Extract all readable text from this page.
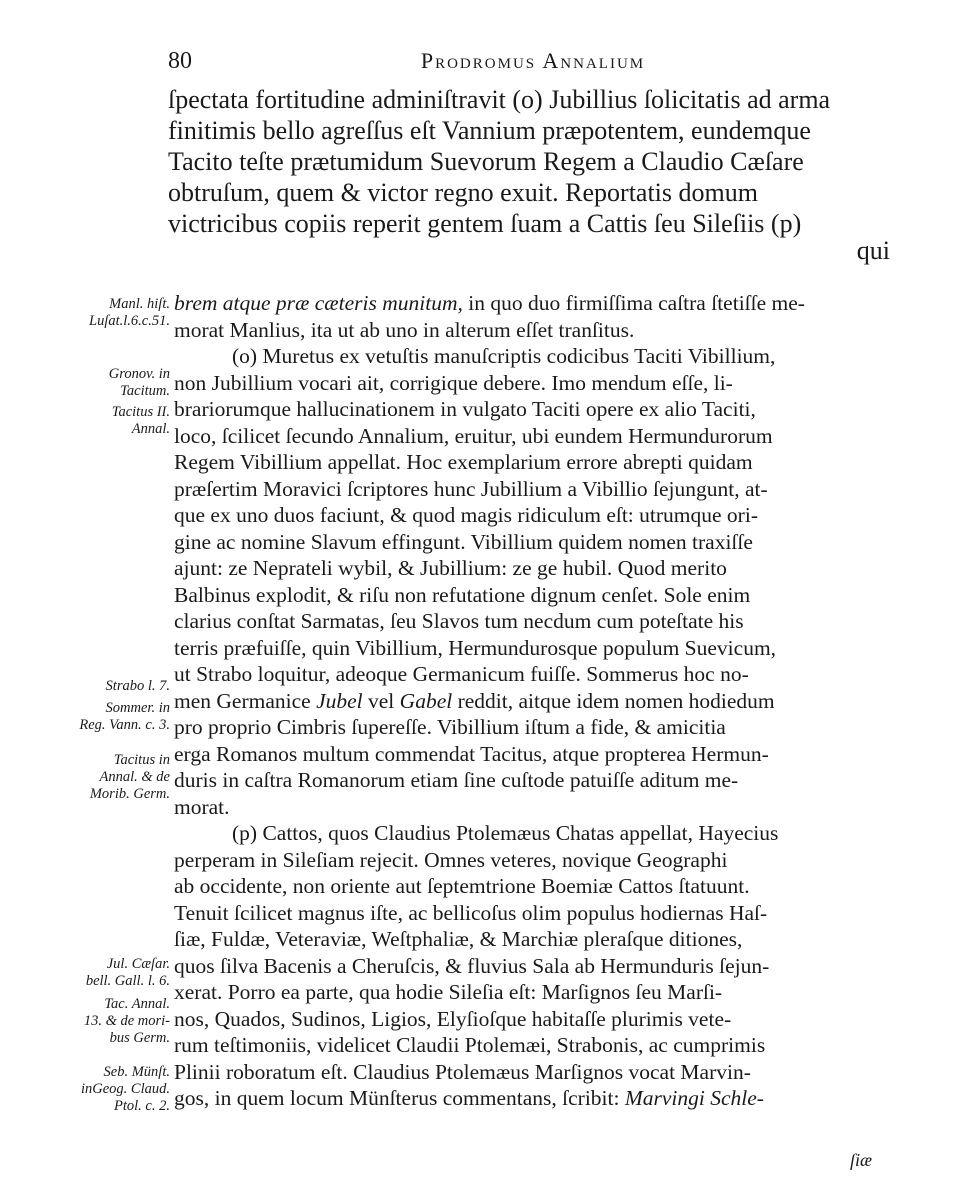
80	Prodromus Annalium
ſpectata fortitudine adminiſtravit (o) Jubillius ſolicitatis ad arma
finitimis bello agreſſus eſt Vannium præpotentem, eundemque
Tacito teſte prætumidum Suevorum Regem a Claudio Cæſare
obtruſum, quem & victor regno exuit. Reportatis domum
victricibus copiis reperit gentem ſuam a Cattis ſeu Sileſiis (p)
qui
brem atque præ cæteris munitum, in quo duo firmiſſima caſtra ſtetiſſe me-
morat Manlius, ita ut ab uno in alterum eſſet tranſitus.
(o) Muretus ex vetuſtis manuſcriptis codicibus Taciti Vibillium,
non Jubillium vocari ait, corrigique debere. Imo mendum eſſe, li-
brariorumque hallucinationem in vulgato Taciti opere ex alio Taciti,
loco, ſcilicet ſecundo Annalium, eruitur, ubi eundem Hermundurorum
Regem Vibillium appellat. Hoc exemplarium errore abrepti quidam
præſertim Moravici ſcriptores hunc Jubillium a Vibillio ſejungunt, at-
que ex uno duos faciunt, & quod magis ridiculum eſt: utrumque ori-
gine ac nomine Slavum effingunt. Vibillium quidem nomen traxiſſe
ajunt: ze Neprateli wybil, & Jubillium: ze ge hubil. Quod merito
Balbinus explodit, & riſu non refutatione dignum cenſet. Sole enim
clarius conſtat Sarmatas, ſeu Slavos tum necdum cum poteſtate his
terris præfuiſſe, quin Vibillium, Hermundurosque populum Suevicum,
ut Strabo loquitur, adeoque Germanicum fuiſſe. Sommerus hoc no-
men Germanice Jubel vel Gabel reddit, aitque idem nomen hodiedum
pro proprio Cimbris ſupereſſe. Vibillium iſtum a fide, & amicitia
erga Romanos multum commendat Tacitus, atque propterea Hermun-
duris in caſtra Romanorum etiam ſine cuſtode patuiſſe aditum me-
morat.
(p) Cattos, quos Claudius Ptolemæus Chatas appellat, Hayecius
perperam in Sileſiam rejecit. Omnes veteres, novique Geographi
ab occidente, non oriente aut ſeptemtrione Boemiæ Cattos ſtatuunt.
Tenuit ſcilicet magnus iſte, ac bellicoſus olim populus hodiernas Haſ-
ſiæ, Fuldæ, Veteraviæ, Weſtphaliæ, & Marchiæ pleraſque ditiones,
quos ſilva Bacenis a Cheruſcis, & fluvius Sala ab Hermunduris ſejun-
xerat. Porro ea parte, qua hodie Sileſia eſt: Marſignos ſeu Marſi-
nos, Quados, Sudinos, Ligios, Elyſioſque habitaſſe plurimis vete-
rum teſtimoniis, videlicet Claudii Ptolemæi, Strabonis, ac cumprimis
Plinii roboratum eſt. Claudius Ptolemæus Marſignos vocat Marvin-
gos, in quem locum Münſterus commentans, ſcribit: Marvingi Schle-
ſiæ
Manl. hiſt.
Luſat.l.6.c.51.
Gronov. in
Tacitum.
Tacitus II.
Annal.
Strabo l. 7.
Sommer. in
Reg. Vann. c. 3.
Tacitus in
Annal. & de
Morib. Germ.
Jul. Cæſar.
bell. Gall. l. 6.
Tac. Annal.
13. & de mori-
bus Germ.
Seb. Münſt.
inGeog. Claud.
Ptol. c. 2.
